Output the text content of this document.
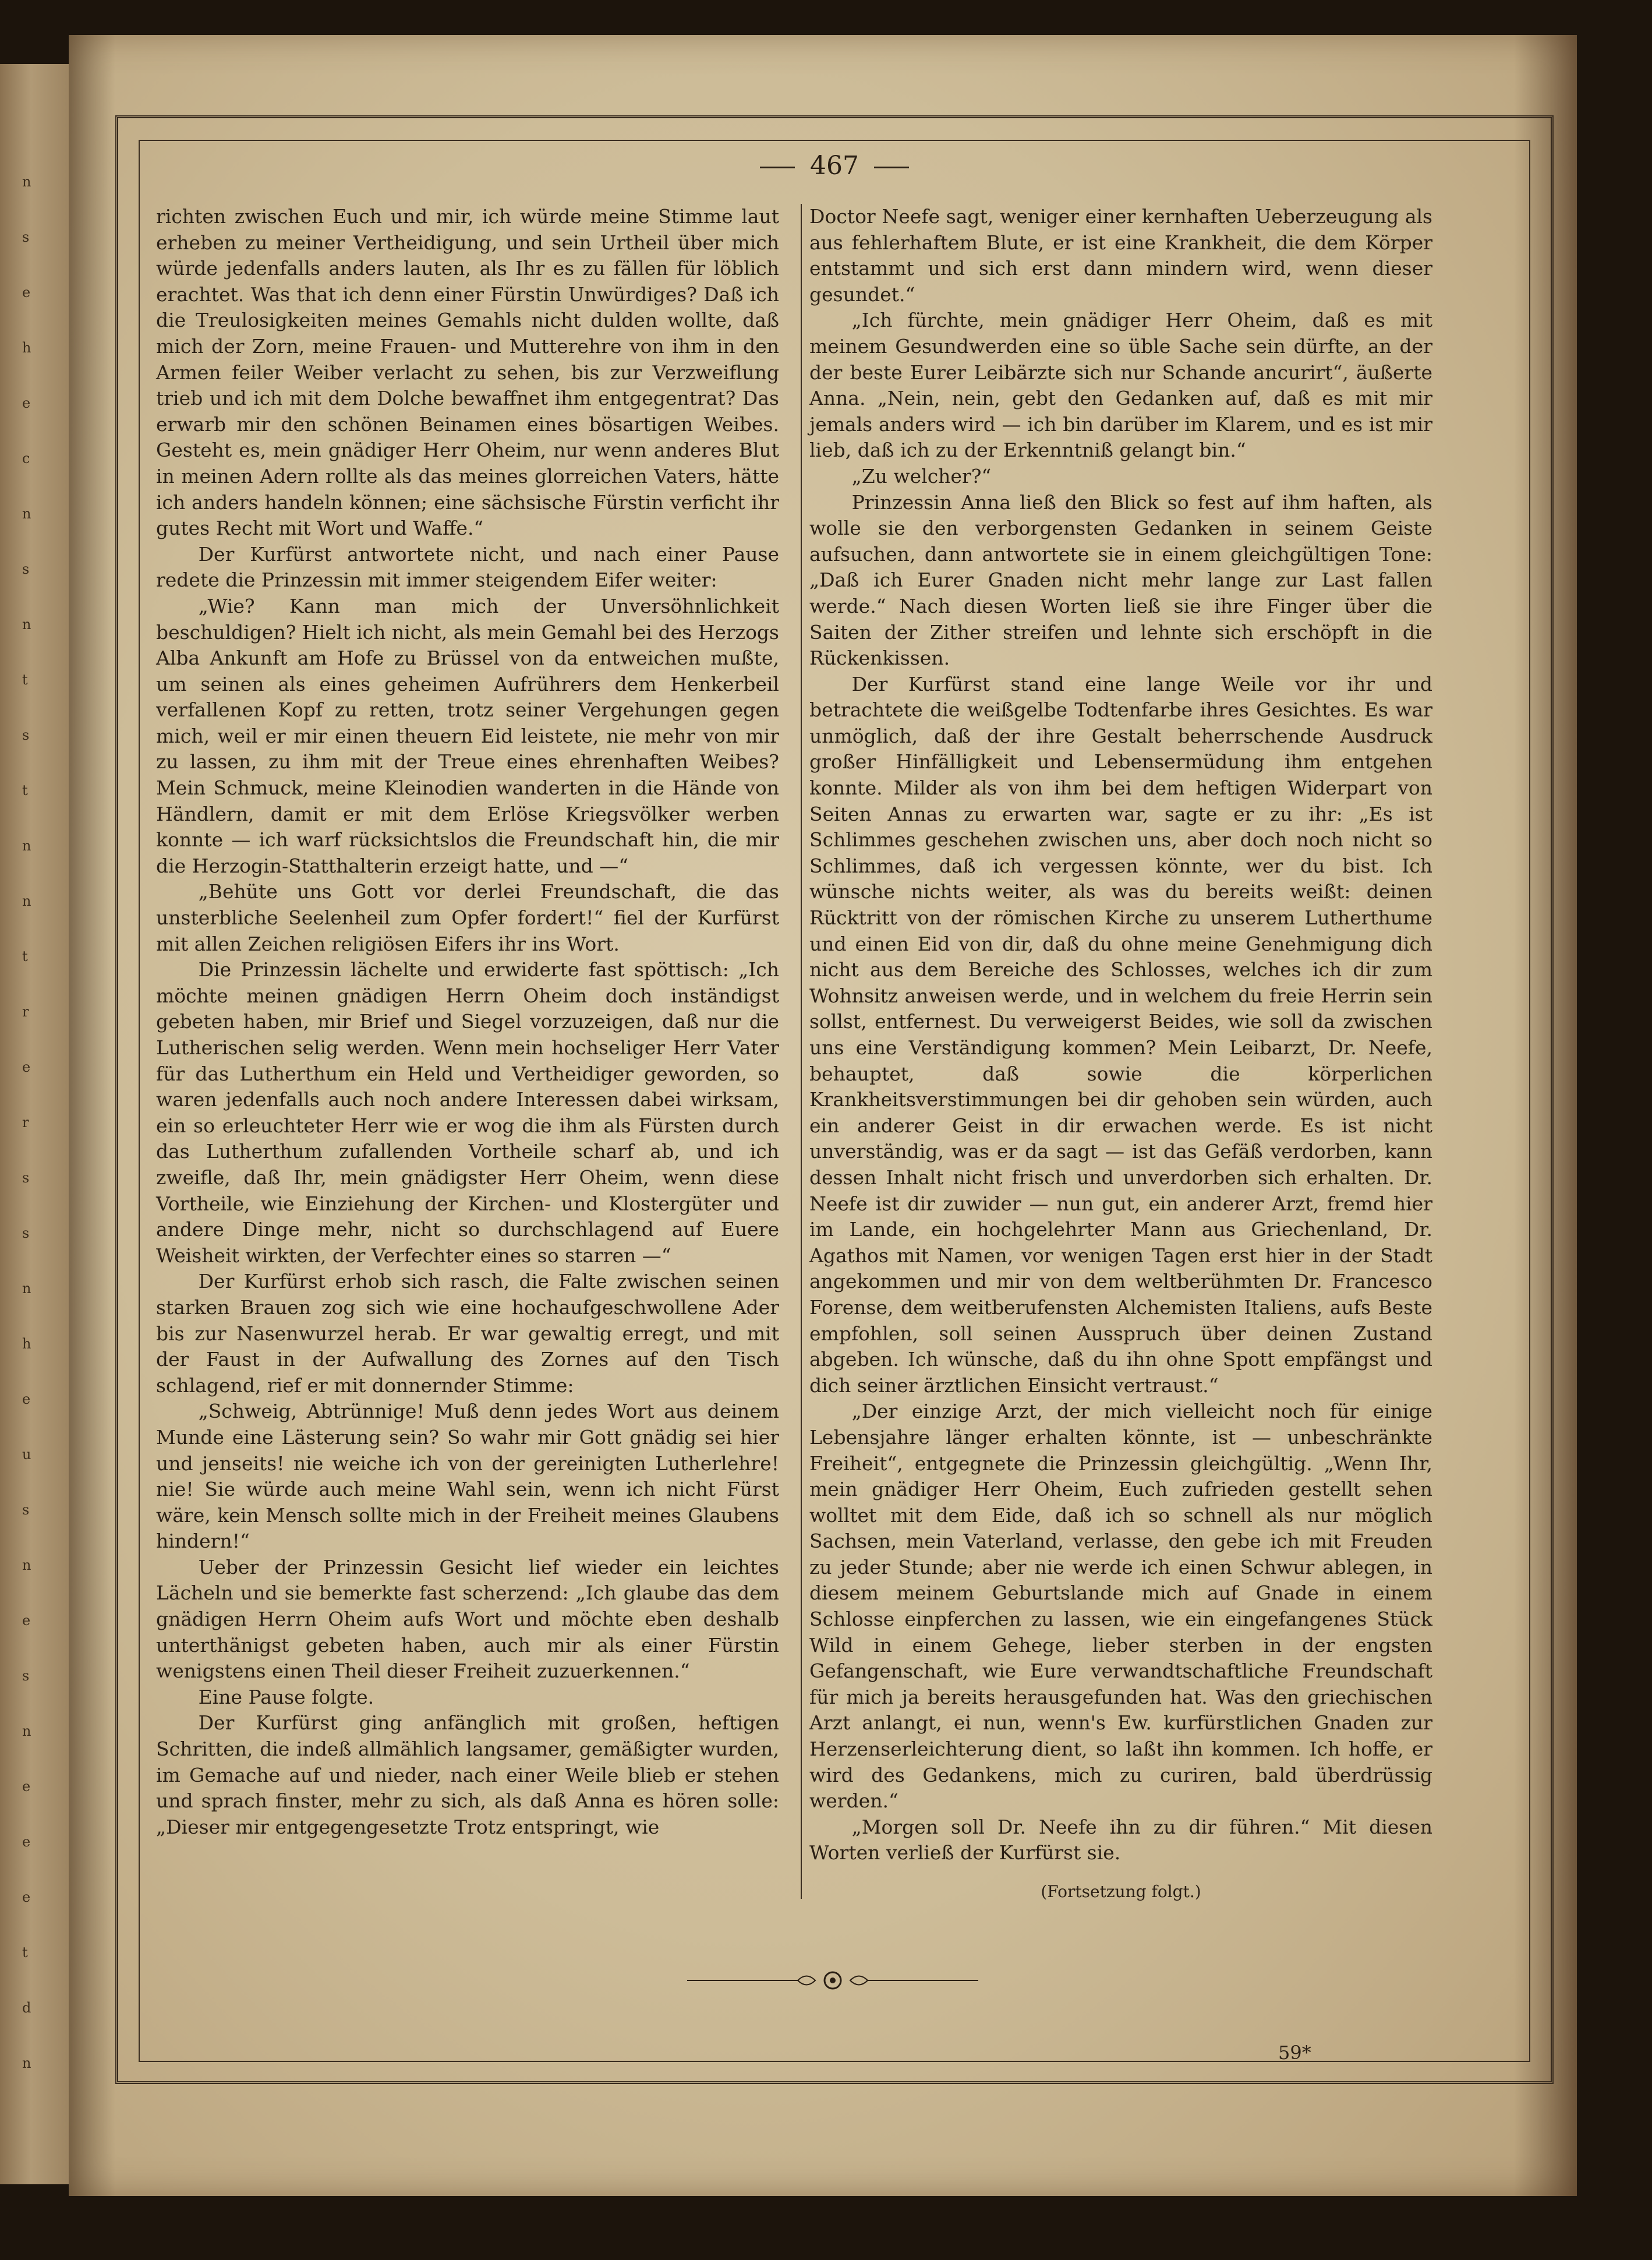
n
s
e
h
e
c
n
s
n
t
s
t
n
n
t
r
e
r
s
s
n
h
e
u
s
n
e
s
n
e
e
e
t
d
n
467

richten zwischen Euch und mir, ich würde meine Stimme laut erheben zu meiner Vertheidigung, und sein Urtheil über mich würde jedenfalls anders lauten, als Ihr es zu fällen für löblich erachtet. Was that ich denn einer Fürstin Unwürdiges? Daß ich die Treulosigkeiten meines Gemahls nicht dulden wollte, daß mich der Zorn, meine Frauen- und Mutterehre von ihm in den Armen feiler Weiber verlacht zu sehen, bis zur Verzweiflung trieb und ich mit dem Dolche bewaffnet ihm entgegentrat? Das erwarb mir den schönen Beinamen eines bösartigen Weibes. Gesteht es, mein gnädiger Herr Oheim, nur wenn anderes Blut in meinen Adern rollte als das meines glorreichen Vaters, hätte ich anders handeln können; eine sächsische Fürstin verficht ihr gutes Recht mit Wort und Waffe.“

Der Kurfürst antwortete nicht, und nach einer Pause redete die Prinzessin mit immer steigendem Eifer weiter:

„Wie? Kann man mich der Unversöhnlichkeit beschuldigen? Hielt ich nicht, als mein Gemahl bei des Herzogs Alba Ankunft am Hofe zu Brüssel von da entweichen mußte, um seinen als eines geheimen Aufrührers dem Henkerbeil verfallenen Kopf zu retten, trotz seiner Vergehungen gegen mich, weil er mir einen theuern Eid leistete, nie mehr von mir zu lassen, zu ihm mit der Treue eines ehrenhaften Weibes? Mein Schmuck, meine Kleinodien wanderten in die Hände von Händlern, damit er mit dem Erlöse Kriegsvölker werben konnte — ich warf rücksichtslos die Freundschaft hin, die mir die Herzogin-Statthalterin erzeigt hatte, und —“

„Behüte uns Gott vor derlei Freundschaft, die das unsterbliche Seelenheil zum Opfer fordert!“ fiel der Kurfürst mit allen Zeichen religiösen Eifers ihr ins Wort.

Die Prinzessin lächelte und erwiderte fast spöttisch: „Ich möchte meinen gnädigen Herrn Oheim doch inständigst gebeten haben, mir Brief und Siegel vorzuzeigen, daß nur die Lutherischen selig werden. Wenn mein hochseliger Herr Vater für das Lutherthum ein Held und Vertheidiger geworden, so waren jedenfalls auch noch andere Interessen dabei wirksam, ein so erleuchteter Herr wie er wog die ihm als Fürsten durch das Lutherthum zufallenden Vortheile scharf ab, und ich zweifle, daß Ihr, mein gnädigster Herr Oheim, wenn diese Vortheile, wie Einziehung der Kirchen- und Klostergüter und andere Dinge mehr, nicht so durchschlagend auf Euere Weisheit wirkten, der Verfechter eines so starren —“

Der Kurfürst erhob sich rasch, die Falte zwischen seinen starken Brauen zog sich wie eine hochaufgeschwollene Ader bis zur Nasenwurzel herab. Er war gewaltig erregt, und mit der Faust in der Aufwallung des Zornes auf den Tisch schlagend, rief er mit donnernder Stimme:

„Schweig, Abtrünnige! Muß denn jedes Wort aus deinem Munde eine Lästerung sein? So wahr mir Gott gnädig sei hier und jenseits! nie weiche ich von der gereinigten Lutherlehre! nie! Sie würde auch meine Wahl sein, wenn ich nicht Fürst wäre, kein Mensch sollte mich in der Freiheit meines Glaubens hindern!“

Ueber der Prinzessin Gesicht lief wieder ein leichtes Lächeln und sie bemerkte fast scherzend: „Ich glaube das dem gnädigen Herrn Oheim aufs Wort und möchte eben deshalb unterthänigst gebeten haben, auch mir als einer Fürstin wenigstens einen Theil dieser Freiheit zuzuerkennen.“

Eine Pause folgte.

Der Kurfürst ging anfänglich mit großen, heftigen Schritten, die indeß allmählich langsamer, gemäßigter wurden, im Gemache auf und nieder, nach einer Weile blieb er stehen und sprach finster, mehr zu sich, als daß Anna es hören solle: „Dieser mir entgegengesetzte Trotz entspringt, wie

Doctor Neefe sagt, weniger einer kernhaften Ueberzeugung als aus fehlerhaftem Blute, er ist eine Krankheit, die dem Körper entstammt und sich erst dann mindern wird, wenn dieser gesundet.“

„Ich fürchte, mein gnädiger Herr Oheim, daß es mit meinem Gesundwerden eine so üble Sache sein dürfte, an der der beste Eurer Leibärzte sich nur Schande ancurirt“, äußerte Anna. „Nein, nein, gebt den Gedanken auf, daß es mit mir jemals anders wird — ich bin darüber im Klarem, und es ist mir lieb, daß ich zu der Erkenntniß gelangt bin.“

„Zu welcher?“

Prinzessin Anna ließ den Blick so fest auf ihm haften, als wolle sie den verborgensten Gedanken in seinem Geiste aufsuchen, dann antwortete sie in einem gleichgültigen Tone: „Daß ich Eurer Gnaden nicht mehr lange zur Last fallen werde.“ Nach diesen Worten ließ sie ihre Finger über die Saiten der Zither streifen und lehnte sich erschöpft in die Rückenkissen.

Der Kurfürst stand eine lange Weile vor ihr und betrachtete die weißgelbe Todtenfarbe ihres Gesichtes. Es war unmöglich, daß der ihre Gestalt beherrschende Ausdruck großer Hinfälligkeit und Lebensermüdung ihm entgehen konnte. Milder als von ihm bei dem heftigen Widerpart von Seiten Annas zu erwarten war, sagte er zu ihr: „Es ist Schlimmes geschehen zwischen uns, aber doch noch nicht so Schlimmes, daß ich vergessen könnte, wer du bist. Ich wünsche nichts weiter, als was du bereits weißt: deinen Rücktritt von der römischen Kirche zu unserem Lutherthume und einen Eid von dir, daß du ohne meine Genehmigung dich nicht aus dem Bereiche des Schlosses, welches ich dir zum Wohnsitz anweisen werde, und in welchem du freie Herrin sein sollst, entfernest. Du verweigerst Beides, wie soll da zwischen uns eine Verständigung kommen? Mein Leibarzt, Dr. Neefe, behauptet, daß sowie die körperlichen Krankheitsverstimmungen bei dir gehoben sein würden, auch ein anderer Geist in dir erwachen werde. Es ist nicht unverständig, was er da sagt — ist das Gefäß verdorben, kann dessen Inhalt nicht frisch und unverdorben sich erhalten. Dr. Neefe ist dir zuwider — nun gut, ein anderer Arzt, fremd hier im Lande, ein hochgelehrter Mann aus Griechenland, Dr. Agathos mit Namen, vor wenigen Tagen erst hier in der Stadt angekommen und mir von dem weltberühmten Dr. Francesco Forense, dem weitberufensten Alchemisten Italiens, aufs Beste empfohlen, soll seinen Ausspruch über deinen Zustand abgeben. Ich wünsche, daß du ihn ohne Spott empfängst und dich seiner ärztlichen Einsicht vertraust.“

„Der einzige Arzt, der mich vielleicht noch für einige Lebensjahre länger erhalten könnte, ist — unbeschränkte Freiheit“, entgegnete die Prinzessin gleichgültig. „Wenn Ihr, mein gnädiger Herr Oheim, Euch zufrieden gestellt sehen wolltet mit dem Eide, daß ich so schnell als nur möglich Sachsen, mein Vaterland, verlasse, den gebe ich mit Freuden zu jeder Stunde; aber nie werde ich einen Schwur ablegen, in diesem meinem Geburtslande mich auf Gnade in einem Schlosse einpferchen zu lassen, wie ein eingefangenes Stück Wild in einem Gehege, lieber sterben in der engsten Gefangenschaft, wie Eure verwandtschaftliche Freundschaft für mich ja bereits herausgefunden hat. Was den griechischen Arzt anlangt, ei nun, wenn's Ew. kurfürstlichen Gnaden zur Herzenserleichterung dient, so laßt ihn kommen. Ich hoffe, er wird des Gedankens, mich zu curiren, bald überdrüssig werden.“

„Morgen soll Dr. Neefe ihn zu dir führen.“ Mit diesen Worten verließ der Kurfürst sie.

(Fortsetzung folgt.)

59*
